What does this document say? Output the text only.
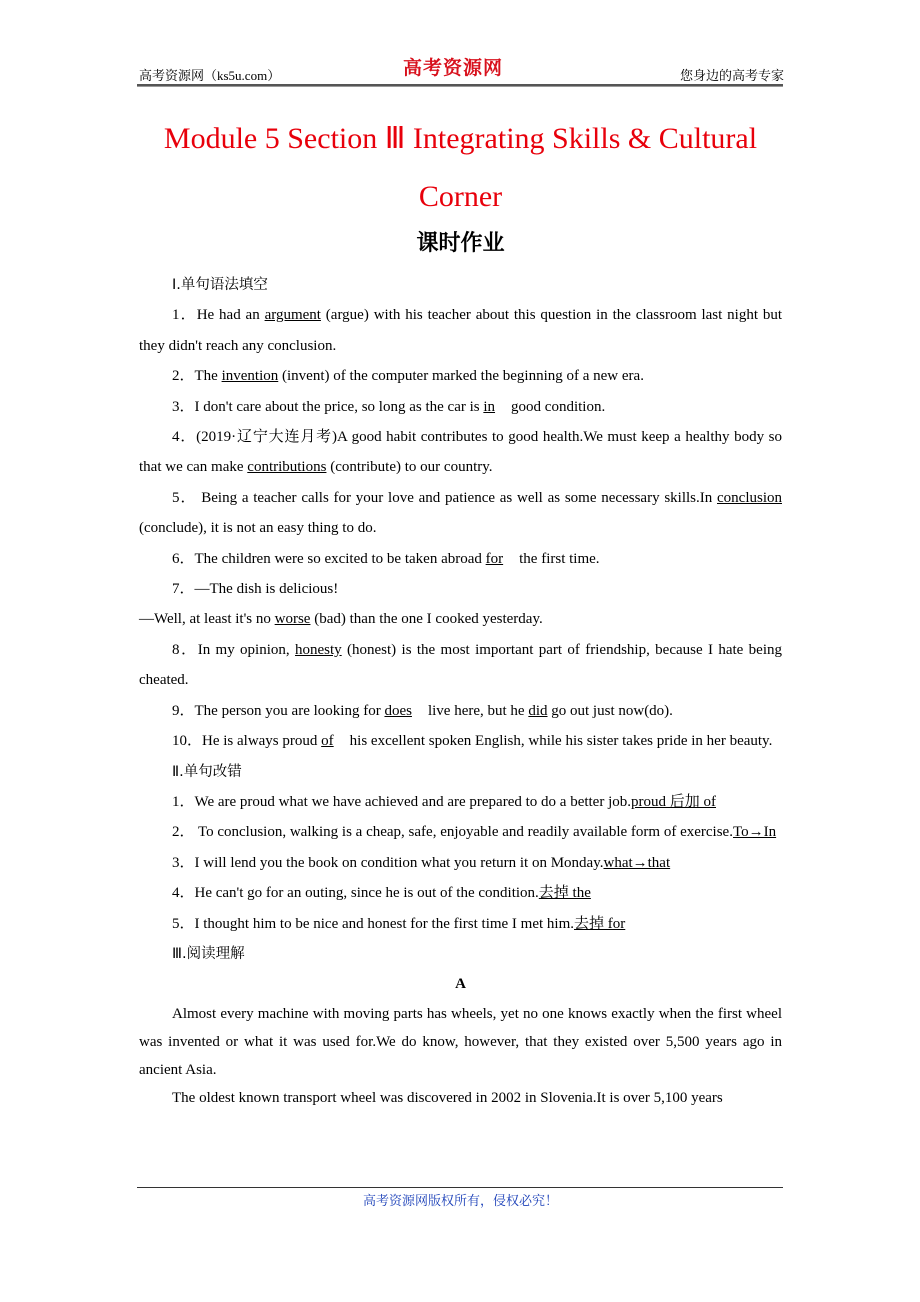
高考资源网（ks5u.com）	高考资源网	您身边的高考专家
Module 5 Section Ⅲ Integrating Skills & Cultural Corner
课时作业

Ⅰ.单句语法填空

1．He had an argument (argue) with his teacher about this question in the classroom last night but they didn't reach any conclusion.

2．The invention (invent) of the computer marked the beginning of a new era.

3．I don't care about the price, so long as the car is in good condition.

4．(2019·辽宁大连月考)A good habit contributes to good health.We must keep a healthy body so that we can make contributions (contribute) to our country.

5． Being a teacher calls for your love and patience as well as some necessary skills.In conclusion (conclude), it is not an easy thing to do.

6．The children were so excited to be taken abroad for the first time.

7．—The dish is delicious!

—Well, at least it's no worse (bad) than the one I cooked yesterday.

8．In my opinion, honesty (honest) is the most important part of friendship, because I hate being cheated.

9．The person you are looking for does live here, but he did go out just now(do).

10．He is always proud of his excellent spoken English, while his sister takes pride in her beauty.

Ⅱ.单句改错

1．We are proud what we have achieved and are prepared to do a better job.proud 后加 of

2． To conclusion, walking is a cheap, safe, enjoyable and readily available form of exercise.To→In

3．I will lend you the book on condition what you return it on Monday.what→that

4．He can't go for an outing, since he is out of the condition.去掉 the

5．I thought him to be nice and honest for the first time I met him.去掉 for

Ⅲ.阅读理解

A

Almost every machine with moving parts has wheels, yet no one knows exactly when the first wheel was invented or what it was used for.We do know, however, that they existed over 5,500 years ago in ancient Asia.

The oldest known transport wheel was discovered in 2002 in Slovenia.It is over 5,100 years

高考资源网版权所有，侵权必究！
